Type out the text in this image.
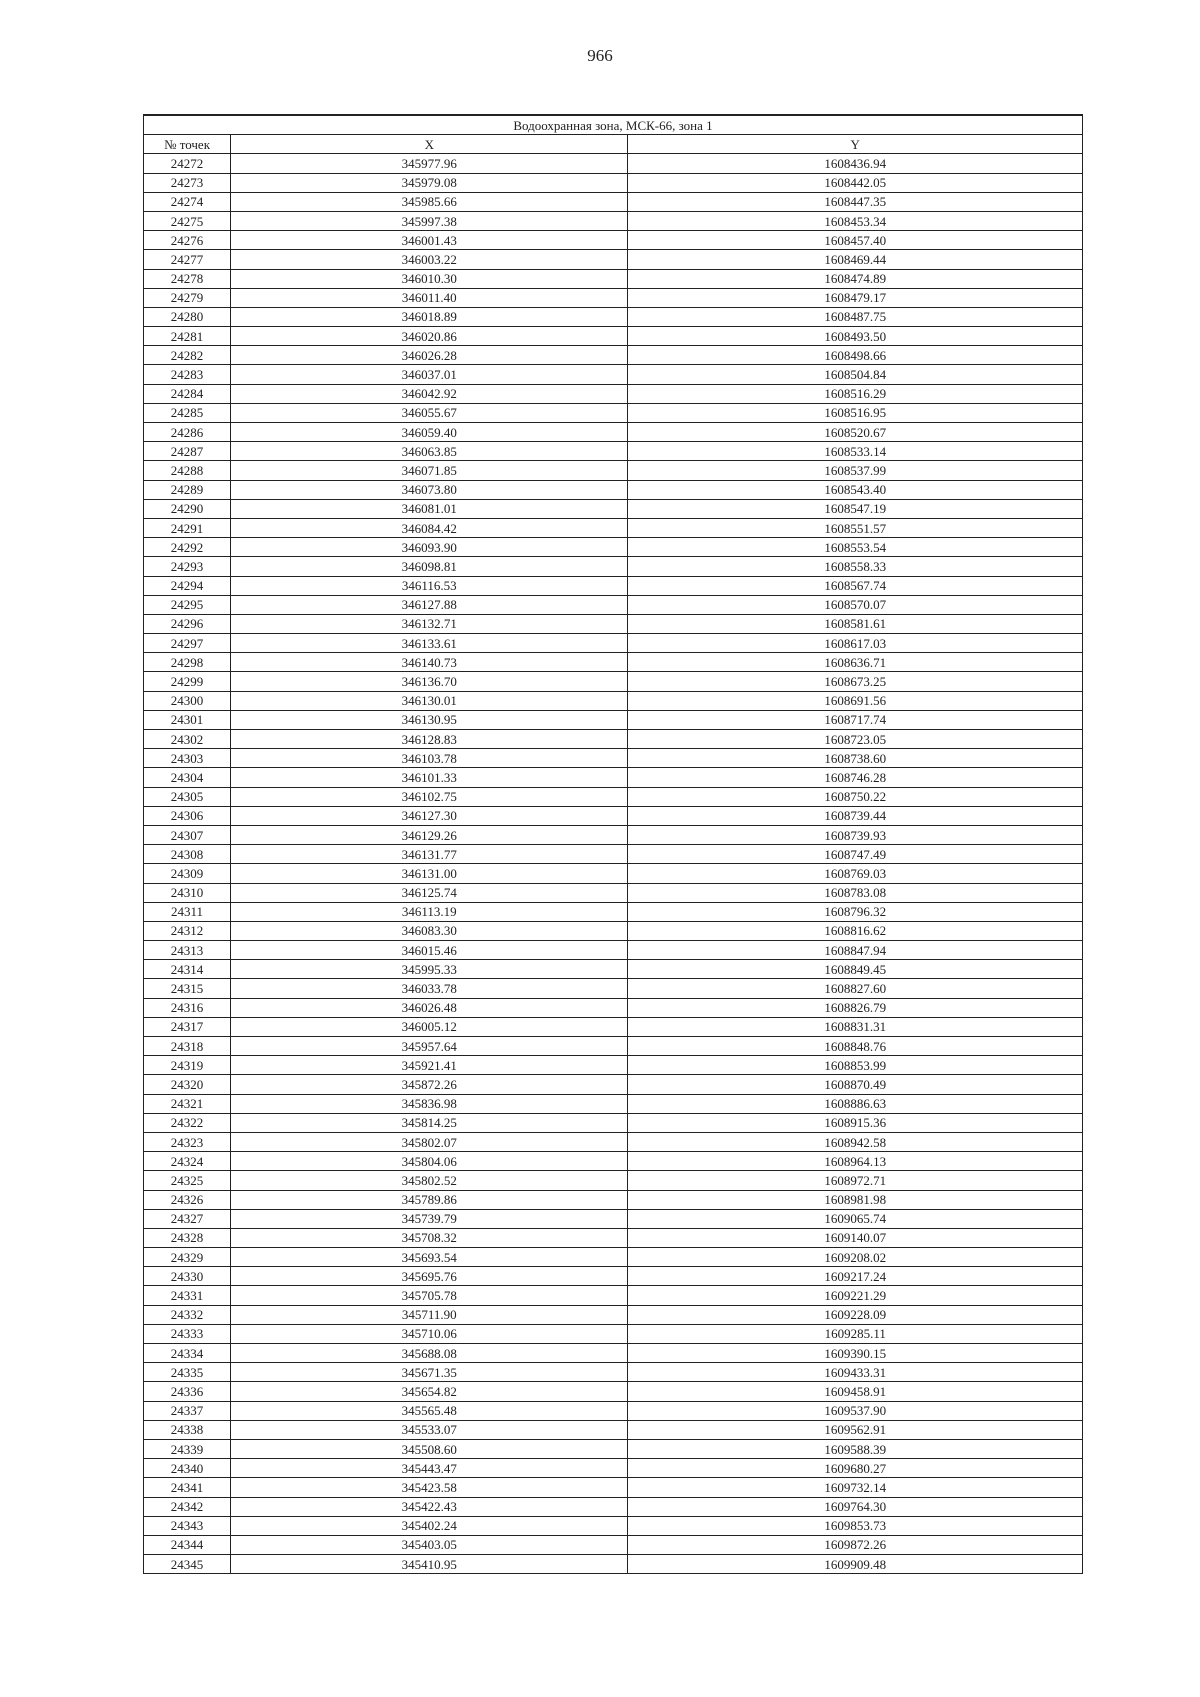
966
Водоохранная зона, МСК-66, зона 1		
№ точек	X	Y
24272	345977.96	1608436.94
24273	345979.08	1608442.05
24274	345985.66	1608447.35
24275	345997.38	1608453.34
24276	346001.43	1608457.40
24277	346003.22	1608469.44
24278	346010.30	1608474.89
24279	346011.40	1608479.17
24280	346018.89	1608487.75
24281	346020.86	1608493.50
24282	346026.28	1608498.66
24283	346037.01	1608504.84
24284	346042.92	1608516.29
24285	346055.67	1608516.95
24286	346059.40	1608520.67
24287	346063.85	1608533.14
24288	346071.85	1608537.99
24289	346073.80	1608543.40
24290	346081.01	1608547.19
24291	346084.42	1608551.57
24292	346093.90	1608553.54
24293	346098.81	1608558.33
24294	346116.53	1608567.74
24295	346127.88	1608570.07
24296	346132.71	1608581.61
24297	346133.61	1608617.03
24298	346140.73	1608636.71
24299	346136.70	1608673.25
24300	346130.01	1608691.56
24301	346130.95	1608717.74
24302	346128.83	1608723.05
24303	346103.78	1608738.60
24304	346101.33	1608746.28
24305	346102.75	1608750.22
24306	346127.30	1608739.44
24307	346129.26	1608739.93
24308	346131.77	1608747.49
24309	346131.00	1608769.03
24310	346125.74	1608783.08
24311	346113.19	1608796.32
24312	346083.30	1608816.62
24313	346015.46	1608847.94
24314	345995.33	1608849.45
24315	346033.78	1608827.60
24316	346026.48	1608826.79
24317	346005.12	1608831.31
24318	345957.64	1608848.76
24319	345921.41	1608853.99
24320	345872.26	1608870.49
24321	345836.98	1608886.63
24322	345814.25	1608915.36
24323	345802.07	1608942.58
24324	345804.06	1608964.13
24325	345802.52	1608972.71
24326	345789.86	1608981.98
24327	345739.79	1609065.74
24328	345708.32	1609140.07
24329	345693.54	1609208.02
24330	345695.76	1609217.24
24331	345705.78	1609221.29
24332	345711.90	1609228.09
24333	345710.06	1609285.11
24334	345688.08	1609390.15
24335	345671.35	1609433.31
24336	345654.82	1609458.91
24337	345565.48	1609537.90
24338	345533.07	1609562.91
24339	345508.60	1609588.39
24340	345443.47	1609680.27
24341	345423.58	1609732.14
24342	345422.43	1609764.30
24343	345402.24	1609853.73
24344	345403.05	1609872.26
24345	345410.95	1609909.48
